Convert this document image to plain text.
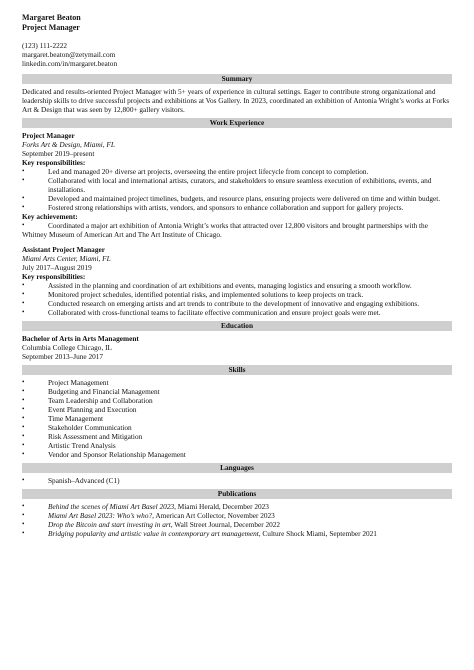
Margaret Beaton
Project Manager
(123) 111-2222
margaret.beaton@zetymail.com
linkedin.com/in/margaret.beaton
Summary
Dedicated and results-oriented Project Manager with 5+ years of experience in cultural settings. Eager to contribute strong organizational and leadership skills to drive successful projects and exhibitions at Vos Gallery. In 2023, coordinated an exhibition of Antonia Wright’s works at Forks Art & Design that was seen by 12,800+ gallery visitors.
Work Experience
Project Manager
Forks Art & Design, Miami, FL
September 2019–present
Key responsibilities:
•	Led and managed 20+ diverse art projects, overseeing the entire project lifecycle from concept to completion.
•	Collaborated with local and international artists, curators, and stakeholders to ensure seamless execution of exhibitions, events, and installations.
•	Developed and maintained project timelines, budgets, and resource plans, ensuring projects were delivered on time and within budget.
•	Fostered strong relationships with artists, vendors, and sponsors to enhance collaboration and support for gallery projects.
Key achievement:
•	Coordinated a major art exhibition of Antonia Wright’s works that attracted over 12,800 visitors and brought partnerships with the Whitney Museum of American Art and The Art Institute of Chicago.
Assistant Project Manager
Miami Arts Center, Miami, FL
July 2017–August 2019
Key responsibilities:
•	Assisted in the planning and coordination of art exhibitions and events, managing logistics and ensuring a smooth workflow.
•	Monitored project schedules, identified potential risks, and implemented solutions to keep projects on track.
•	Conducted research on emerging artists and art trends to contribute to the development of innovative and engaging exhibitions.
•	Collaborated with cross-functional teams to facilitate effective communication and ensure project goals were met.
Education
Bachelor of Arts in Arts Management
Columbia College Chicago, IL
September 2013–June 2017
Skills
•	Project Management
•	Budgeting and Financial Management
•	Team Leadership and Collaboration
•	Event Planning and Execution
•	Time Management
•	Stakeholder Communication
•	Risk Assessment and Mitigation
•	Artistic Trend Analysis
•	Vendor and Sponsor Relationship Management
Languages
•	Spanish–Advanced (C1)
Publications
•	Behind the scenes of Miami Art Basel 2023, Miami Herald, December 2023
•	Miami Art Basel 2023: Who’s who?, American Art Collector, November 2023
•	Drop the Bitcoin and start investing in art, Wall Street Journal, December 2022
•	Bridging popularity and artistic value in contemporary art management, Culture Shock Miami, September 2021
